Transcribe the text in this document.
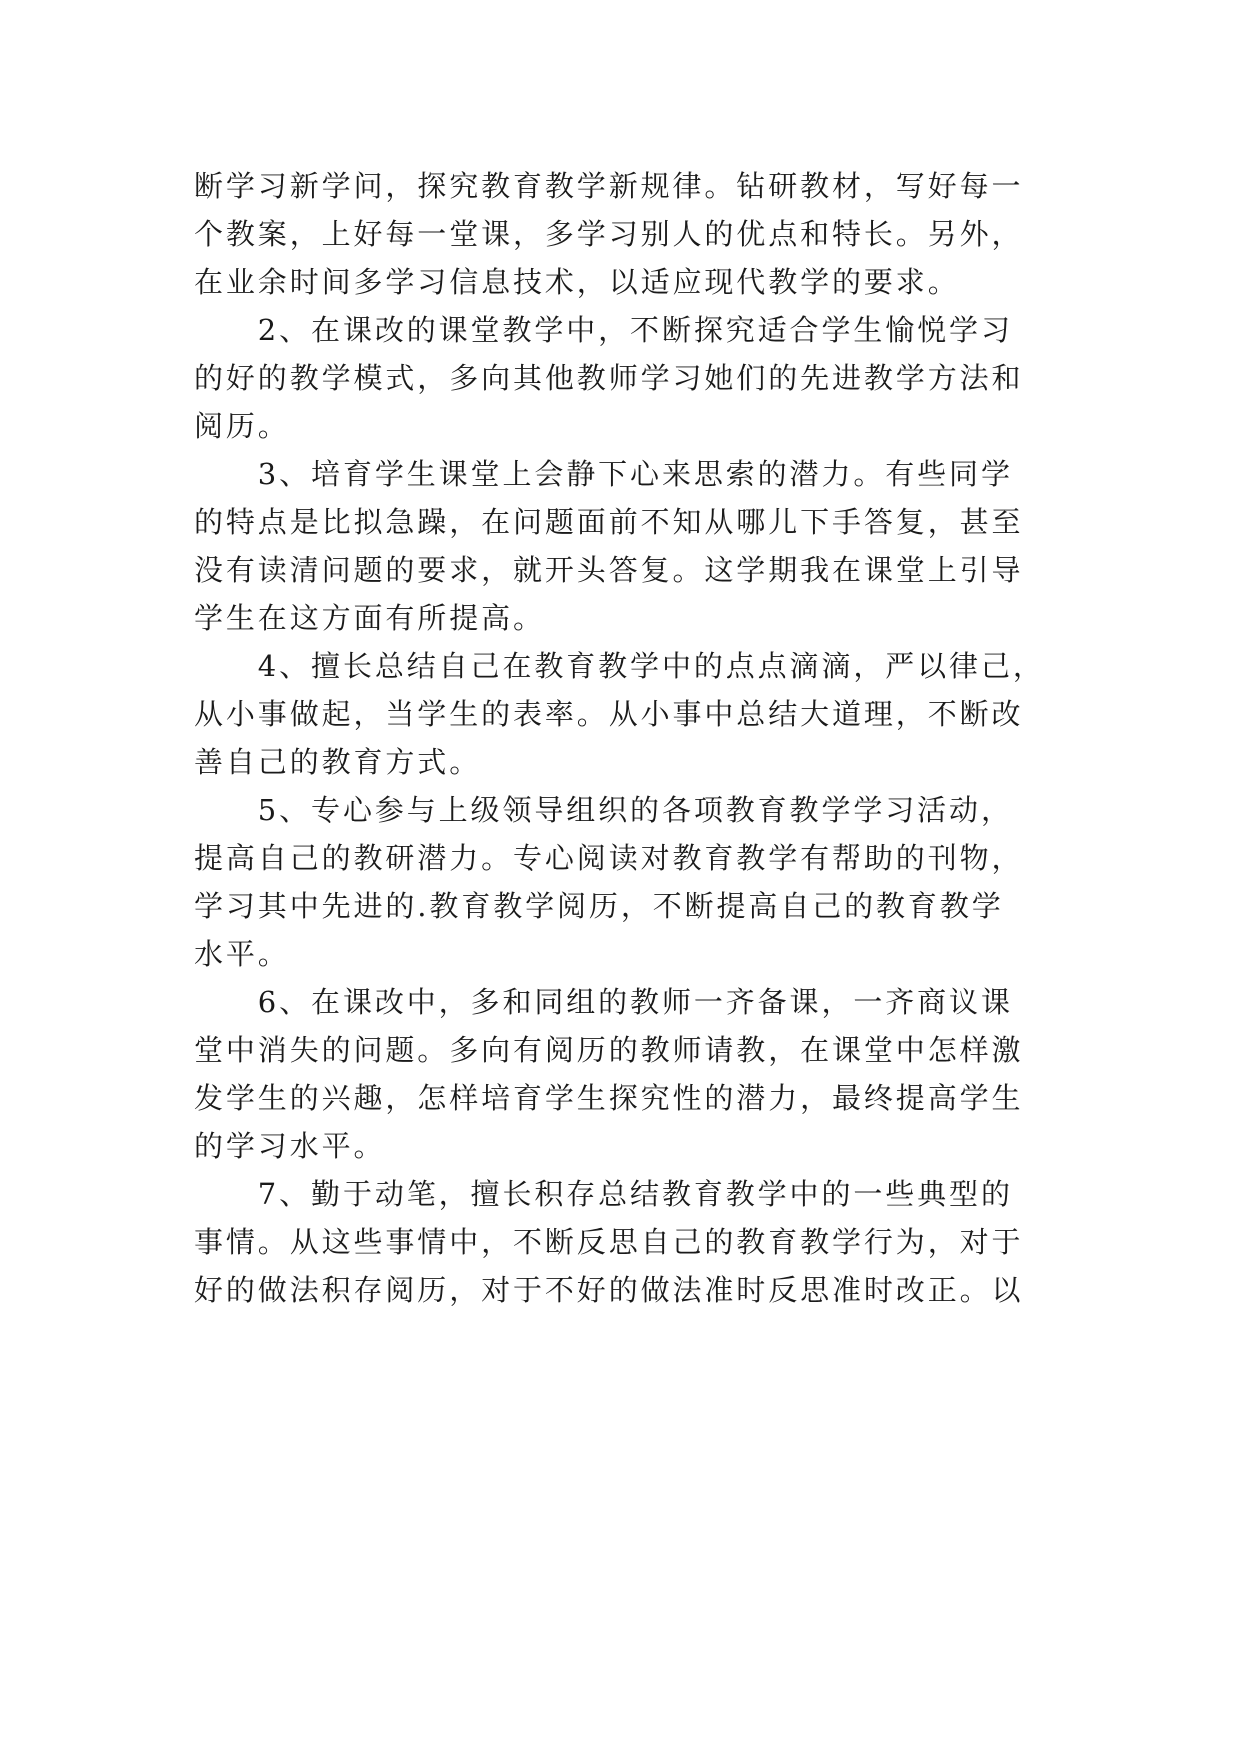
断学习新学问，探究教育教学新规律。钻研教材，写好每一
个教案，上好每一堂课，多学习别人的优点和特长。另外，
在业余时间多学习信息技术，以适应现代教学的要求。
　　2、在课改的课堂教学中，不断探究适合学生愉悦学习
的好的教学模式，多向其他教师学习她们的先进教学方法和
阅历。
　　3、培育学生课堂上会静下心来思索的潜力。有些同学
的特点是比拟急躁，在问题面前不知从哪儿下手答复，甚至
没有读清问题的要求，就开头答复。这学期我在课堂上引导
学生在这方面有所提高。
　　4、擅长总结自己在教育教学中的点点滴滴，严以律己，
从小事做起，当学生的表率。从小事中总结大道理，不断改
善自己的教育方式。
　　5、专心参与上级领导组织的各项教育教学学习活动，
提高自己的教研潜力。专心阅读对教育教学有帮助的刊物，
学习其中先进的.教育教学阅历，不断提高自己的教育教学
水平。
　　6、在课改中，多和同组的教师一齐备课，一齐商议课
堂中消失的问题。多向有阅历的教师请教，在课堂中怎样激
发学生的兴趣，怎样培育学生探究性的潜力，最终提高学生
的学习水平。
　　7、勤于动笔，擅长积存总结教育教学中的一些典型的
事情。从这些事情中，不断反思自己的教育教学行为，对于
好的做法积存阅历，对于不好的做法准时反思准时改正。以
